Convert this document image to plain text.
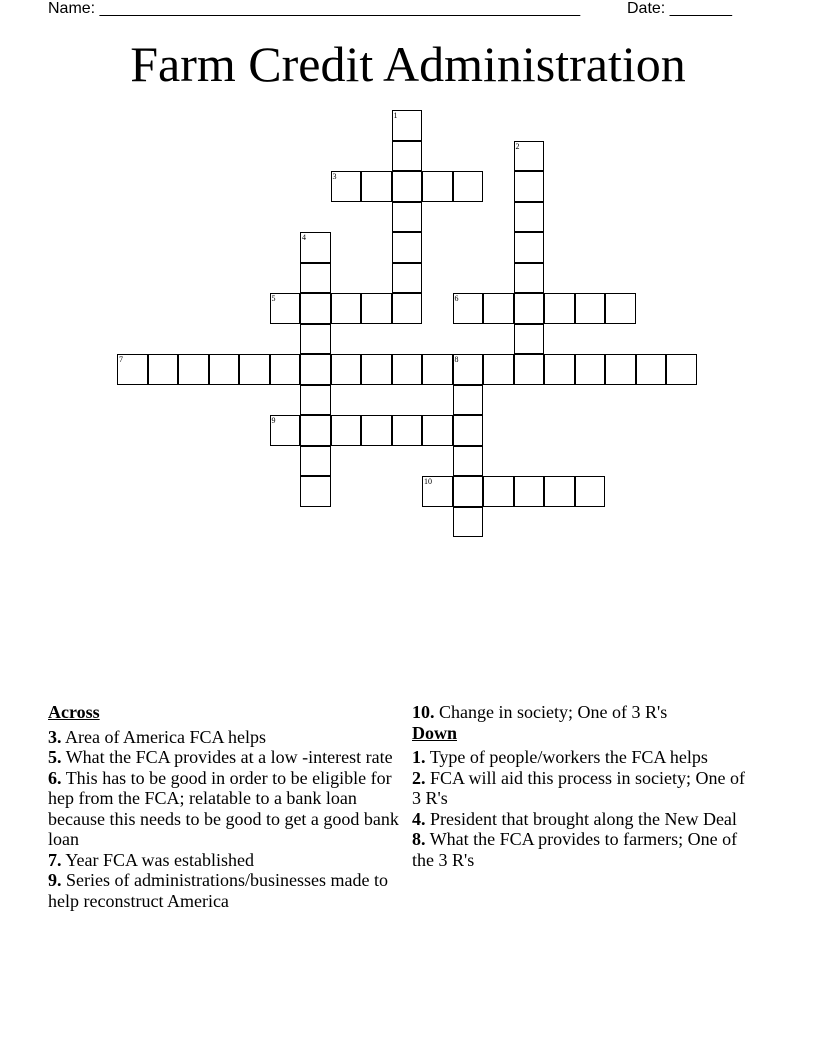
Name: ______________________________________________________	Date: _______
Farm Credit Administration
1
2
3
4
5	6
7	8
9
10
Across
3. Area of America FCA helps
5. What the FCA provides at a low -interest rate
6. This has to be good in order to be eligible for hep from the FCA; relatable to a bank loan because this needs to be good to get a good bank loan
7. Year FCA was established
9. Series of administrations/businesses made to help reconstruct America
10. Change in society; One of 3 R's
Down
1. Type of people/workers the FCA helps
2. FCA will aid this process in society; One of 3 R's
4. President that brought along the New Deal
8. What the FCA provides to farmers; One of the 3 R's
